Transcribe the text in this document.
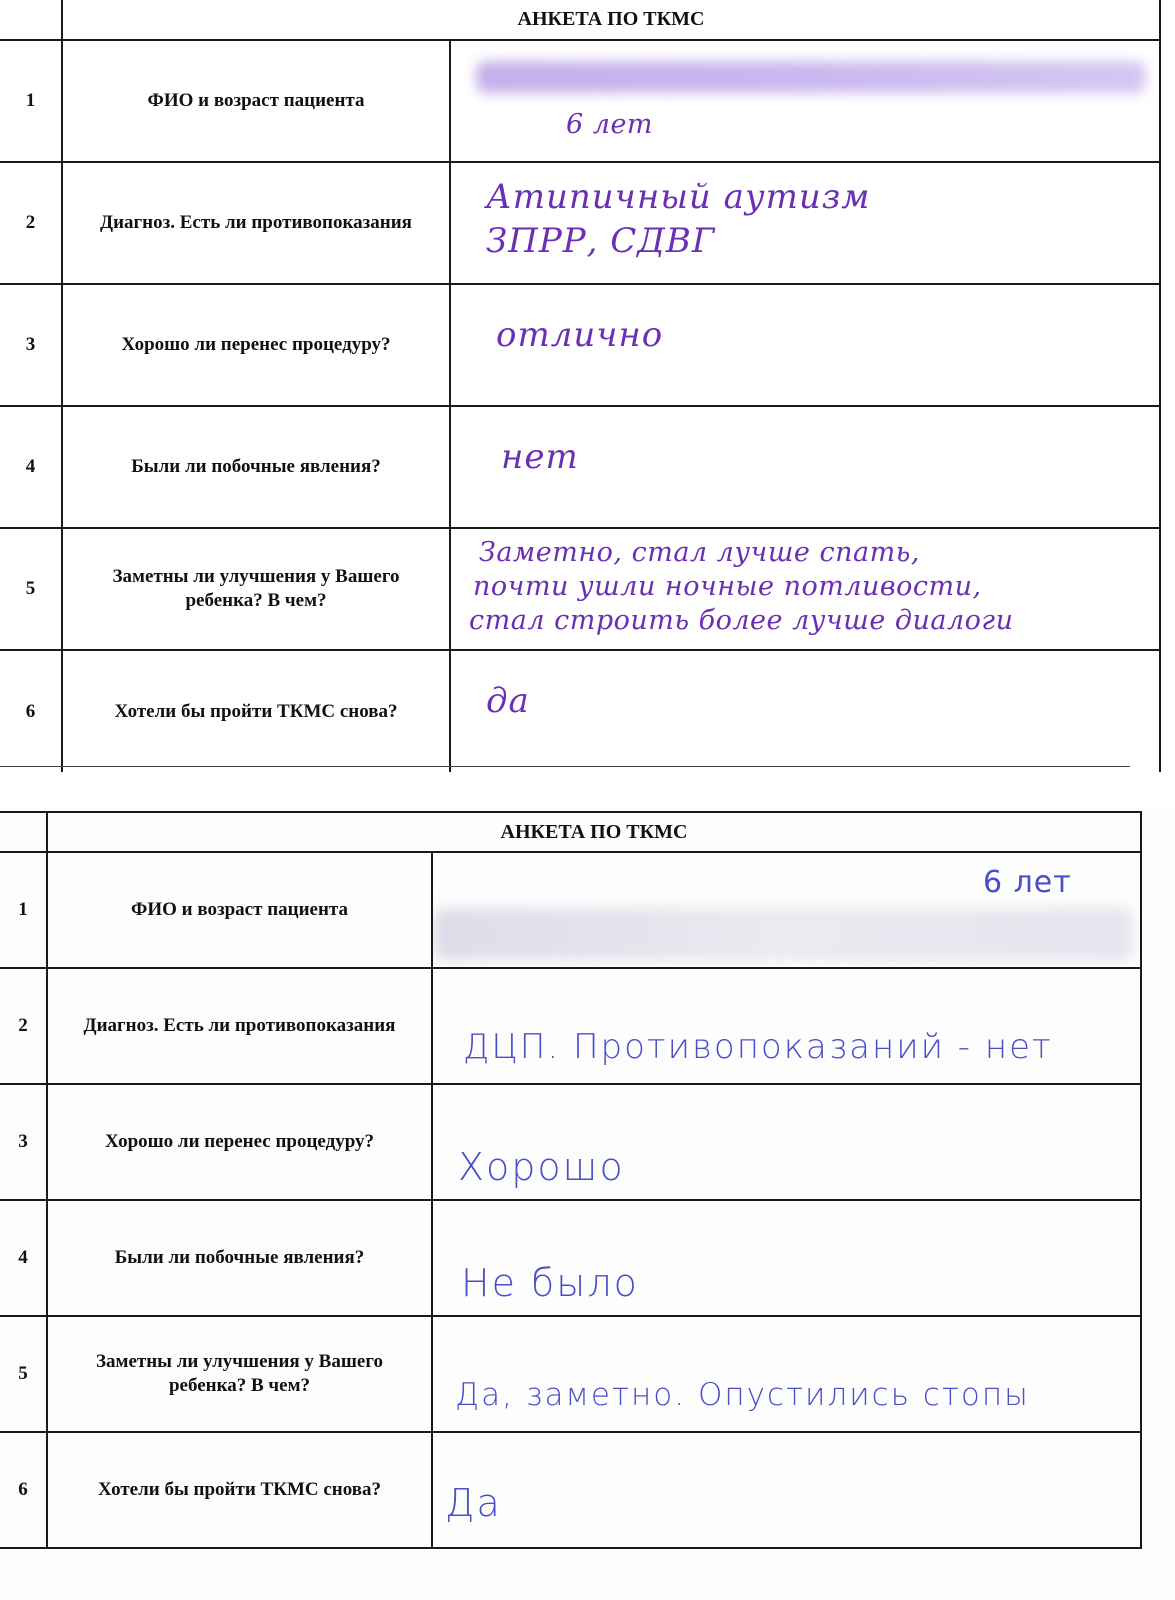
	АНКЕТА ПО ТКМС	
1	ФИО и возраст пациента	6 лет

2	Диагноз. Есть ли противопоказания	Атипичный аутизм
ЗПРР, СДВГ

3	Хорошо ли перенес процедуру?	отлично

4	Были ли побочные явления?	нет

5	Заметны ли улучшения у Вашего ребенка? В чем?	Заметно, стал лучше спать,
почти ушли ночные потливости,
стал строить более лучше диалоги

6	Хотели бы пройти ТКМС снова?	да
	АНКЕТА ПО ТКМС	
1	ФИО и возраст пациента	6 лет

2	Диагноз. Есть ли противопоказания	ДЦП. Противопоказаний - нет

3	Хорошо ли перенес процедуру?	Хорошо

4	Были ли побочные явления?	Не было

5	Заметны ли улучшения у Вашего ребенка? В чем?	Да, заметно. Опустились стопы

6	Хотели бы пройти ТКМС снова?	Да
